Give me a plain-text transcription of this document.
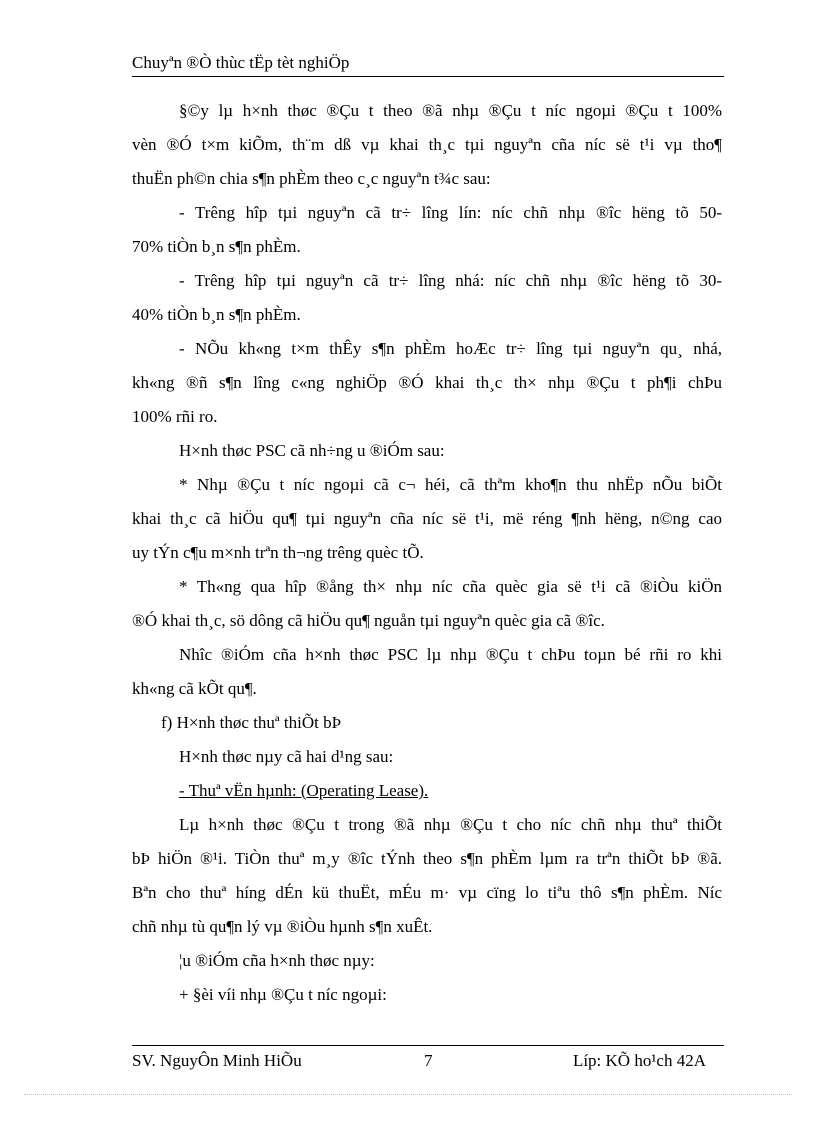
Chuyªn ®Ò thùc tËp tèt nghiÖp
§©y lµ h×nh thøc ®Çu t theo ®ã nhµ ®Çu t níc ngoµi ®Çu t 100%
vèn ®Ó t×m kiÕm, th¨m dß vµ khai th¸c tµi nguyªn cña níc së t¹i vµ tho¶
thuËn ph©n chia s¶n phÈm theo c¸c nguyªn t¾c sau:
- Trêng hîp tµi nguyªn cã tr÷ lîng lín: níc chñ nhµ ®îc hëng tõ 50-
70% tiÒn b¸n s¶n phÈm.
- Trêng hîp tµi nguyªn cã tr÷ lîng nhá: níc chñ nhµ ®îc hëng tõ 30-
40% tiÒn b¸n s¶n phÈm.
- NÕu kh«ng t×m thÊy s¶n phÈm hoÆc tr÷ lîng tµi nguyªn qu¸ nhá,
kh«ng ®ñ s¶n lîng c«ng nghiÖp ®Ó khai th¸c th× nhµ ®Çu t ph¶i chÞu
100% rñi ro.
H×nh thøc PSC cã nh÷ng u ®iÓm sau:
* Nhµ ®Çu t níc ngoµi cã c¬ héi, cã thªm kho¶n thu nhËp nÕu biÕt
khai th¸c cã hiÖu qu¶ tµi nguyªn cña níc së t¹i, më réng ¶nh hëng, n©ng cao
uy tÝn c¶u m×nh trªn th¬ng trêng quèc tÕ.
* Th«ng qua hîp ®ång th× nhµ níc cña quèc gia së t¹i cã ®iÒu kiÖn
®Ó khai th¸c, sö dông cã hiÖu qu¶ nguån tµi nguyªn quèc gia cã ®îc.
Nhîc ®iÓm cña h×nh thøc PSC lµ nhµ ®Çu t chÞu toµn bé rñi ro khi
kh«ng cã kÕt qu¶.
f) H×nh thøc thuª thiÕt bÞ
H×nh thøc nµy cã hai d¹ng sau:
- Thuª vËn hµnh: (Operating Lease).
Lµ h×nh thøc ®Çu t trong ®ã nhµ ®Çu t cho níc chñ nhµ thuª thiÕt
bÞ hiÖn ®¹i. TiÒn thuª m¸y ®îc tÝnh theo s¶n phÈm lµm ra trªn thiÕt bÞ ®ã.
Bªn cho thuª híng dÉn kü thuËt, mÉu m· vµ cïng lo tiªu thô s¶n phÈm. Níc
chñ nhµ tù qu¶n lý vµ ®iÒu hµnh s¶n xuÊt.
¦u ®iÓm cña h×nh thøc nµy:
+ §èi víi nhµ ®Çu t níc ngoµi:
SV. NguyÔn Minh HiÕu	7	Líp: KÕ ho¹ch 42A
